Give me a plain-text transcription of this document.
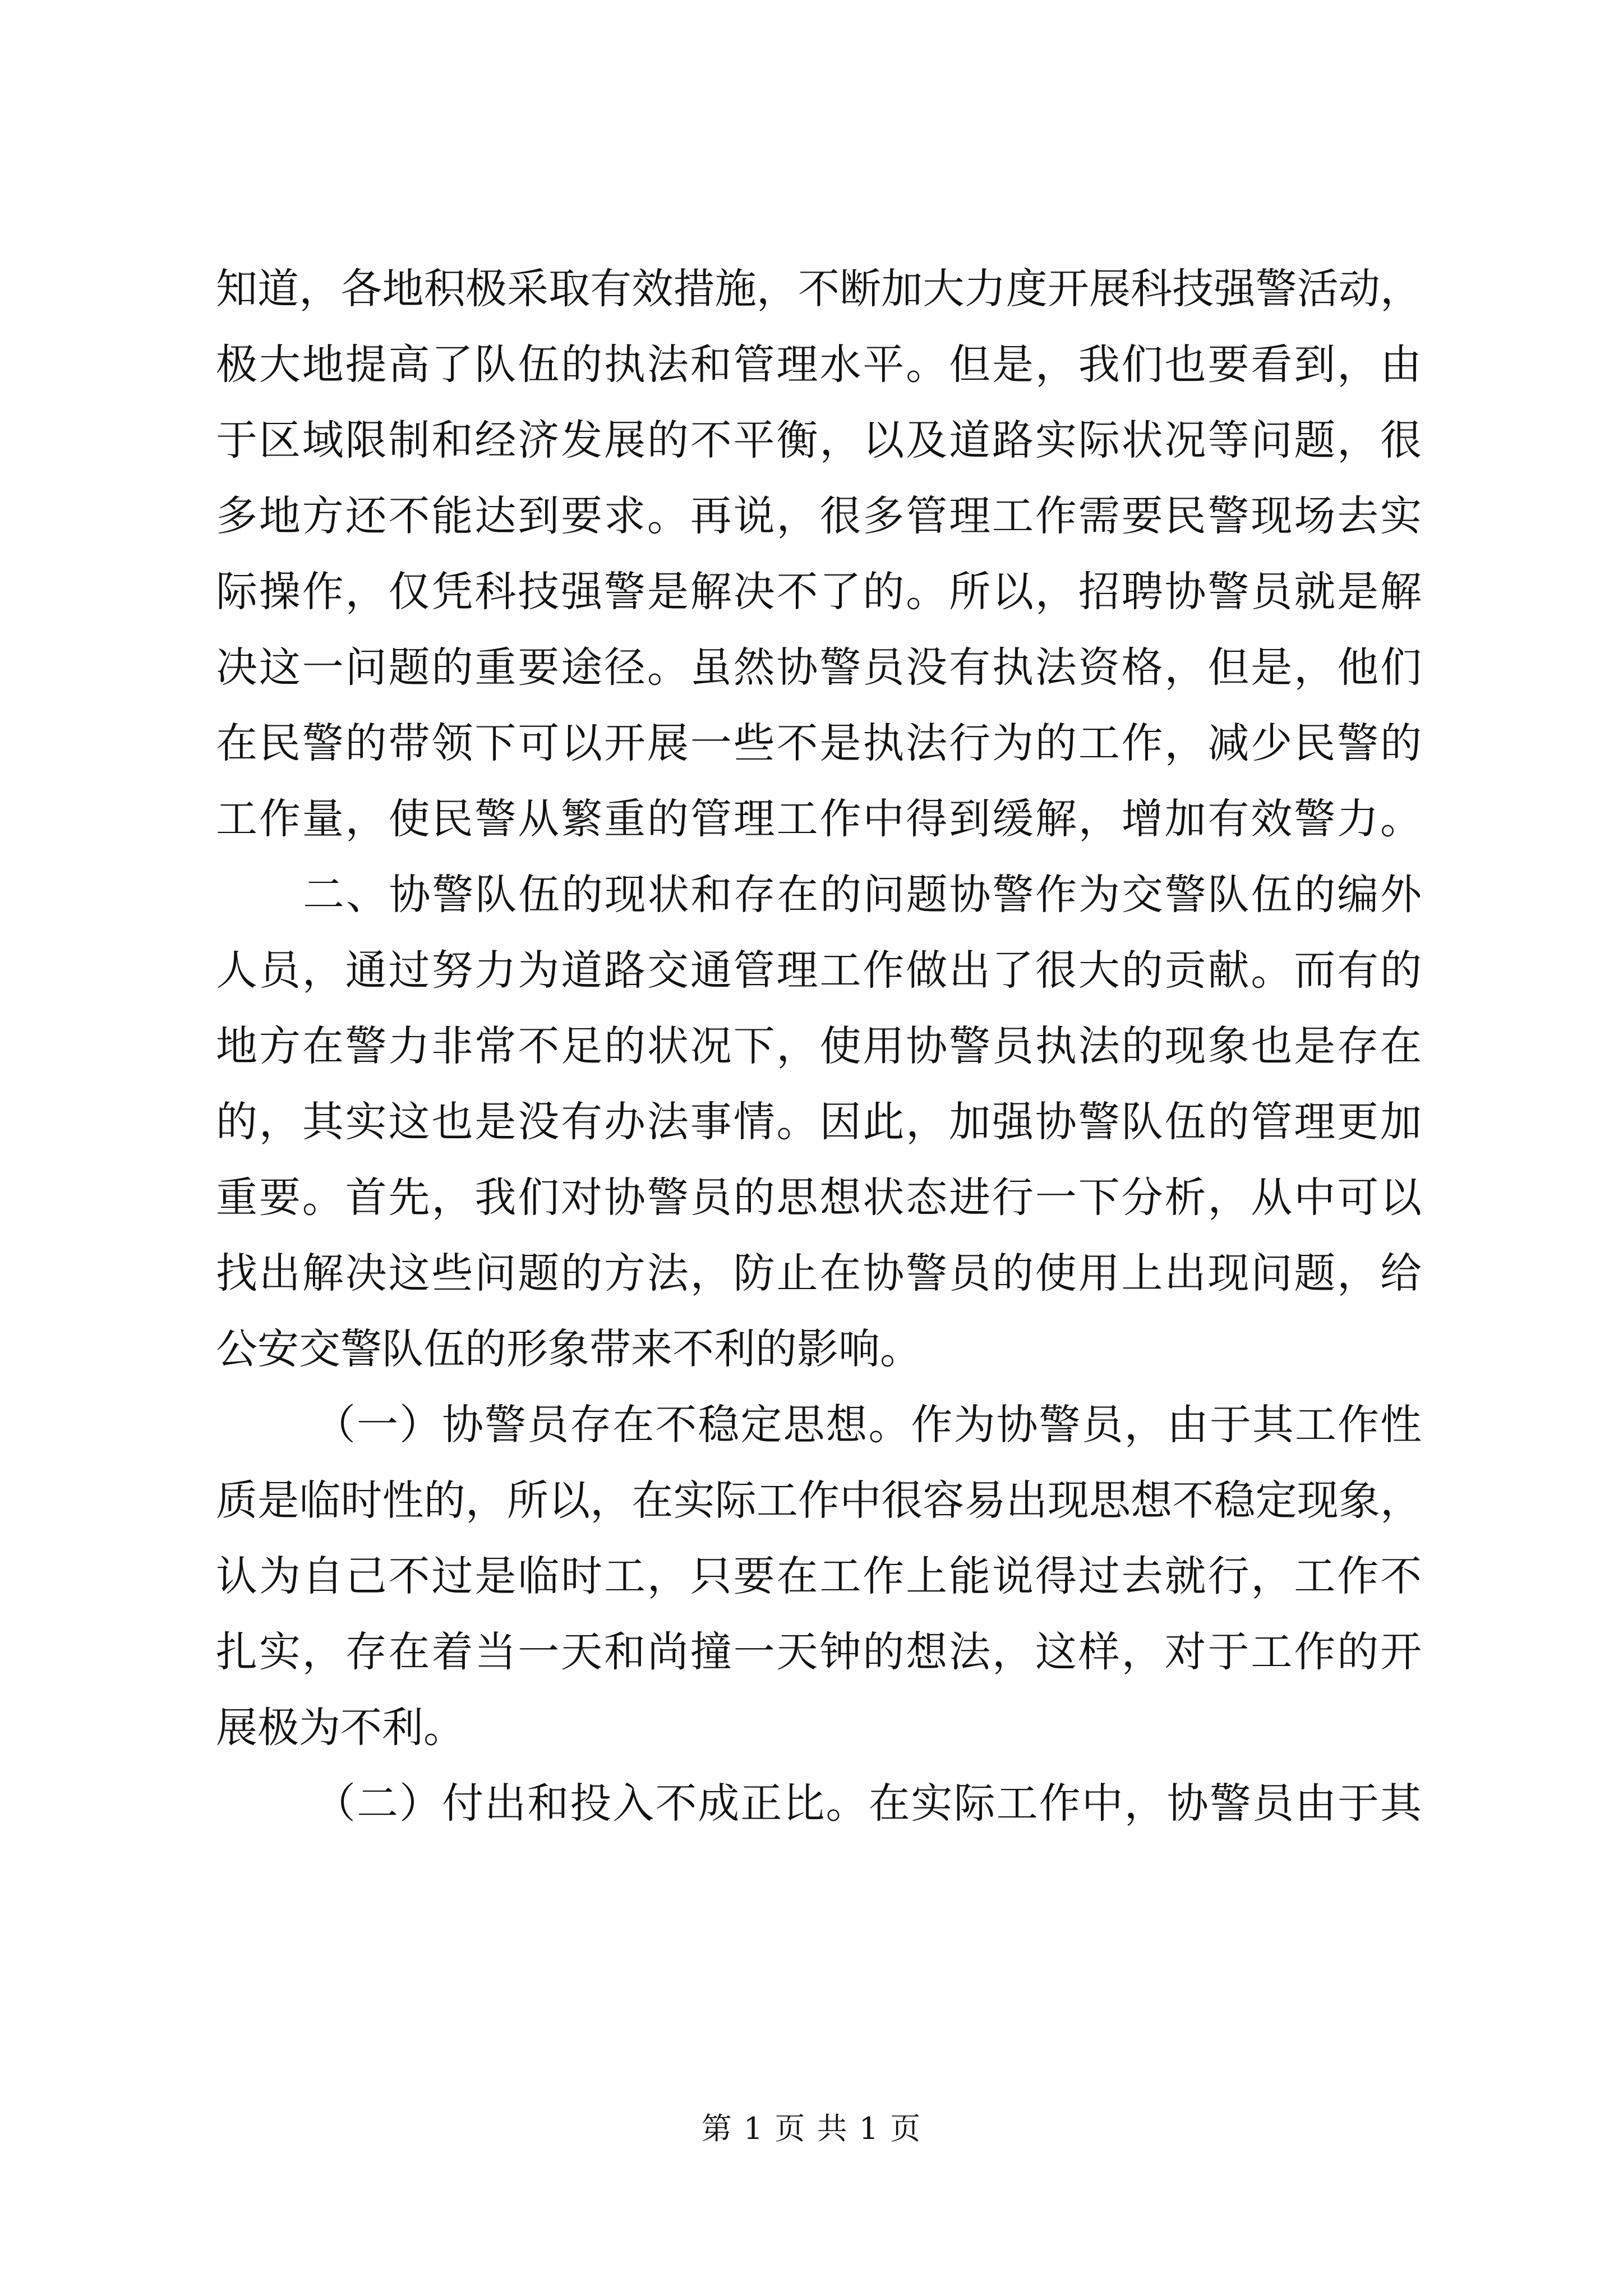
知道，各地积极采取有效措施，不断加大力度开展科技强警活动，
极大地提高了队伍的执法和管理水平。但是，我们也要看到，由
于区域限制和经济发展的不平衡，以及道路实际状况等问题，很
多地方还不能达到要求。再说，很多管理工作需要民警现场去实
际操作，仅凭科技强警是解决不了的。所以，招聘协警员就是解
决这一问题的重要途径。虽然协警员没有执法资格，但是，他们
在民警的带领下可以开展一些不是执法行为的工作，减少民警的
工作量，使民警从繁重的管理工作中得到缓解，增加有效警力。
二、协警队伍的现状和存在的问题协警作为交警队伍的编外
人员，通过努力为道路交通管理工作做出了很大的贡献。而有的
地方在警力非常不足的状况下，使用协警员执法的现象也是存在
的，其实这也是没有办法事情。因此，加强协警队伍的管理更加
重要。首先，我们对协警员的思想状态进行一下分析，从中可以
找出解决这些问题的方法，防止在协警员的使用上出现问题，给
公安交警队伍的形象带来不利的影响。
（一）协警员存在不稳定思想。作为协警员，由于其工作性
质是临时性的，所以，在实际工作中很容易出现思想不稳定现象，
认为自己不过是临时工，只要在工作上能说得过去就行，工作不
扎实，存在着当一天和尚撞一天钟的想法，这样，对于工作的开
展极为不利。
（二）付出和投入不成正比。在实际工作中，协警员由于其
第 1 页 共 1 页
